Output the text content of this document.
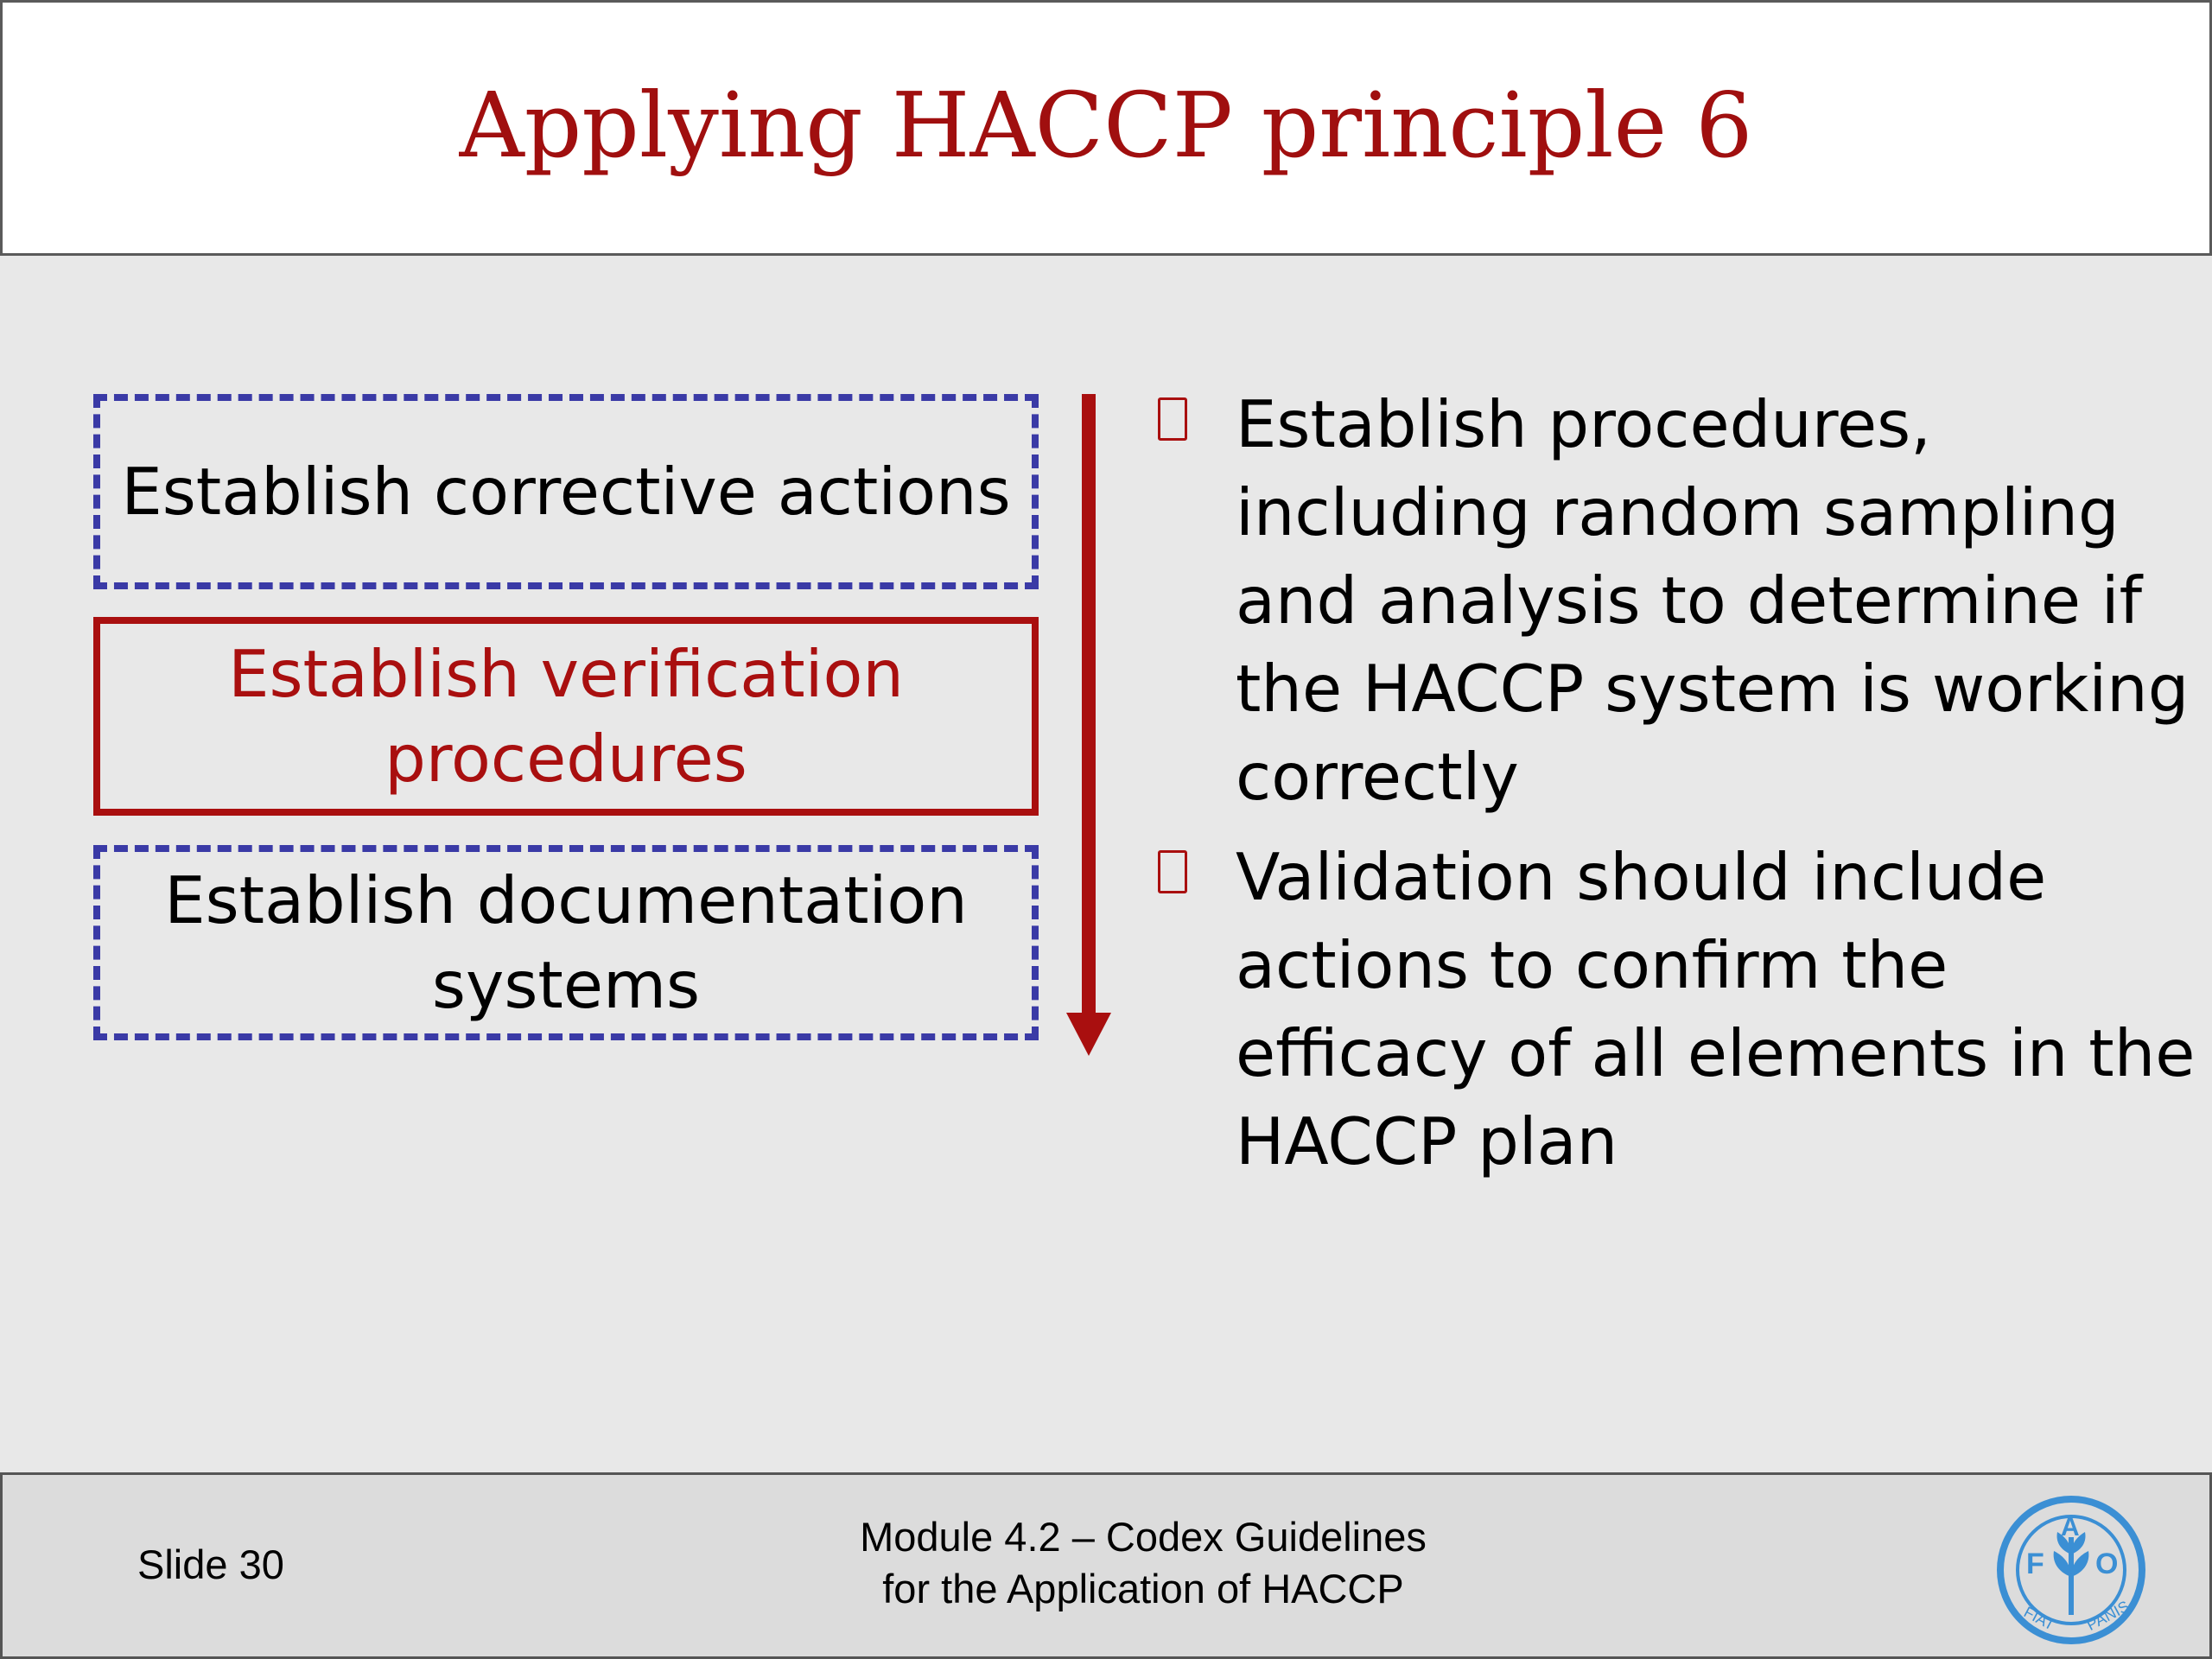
Applying HACCP principle 6
Establish corrective actions
Establish verification procedures
Establish documentation systems
Establish procedures, including random sampling and analysis to determine if the HACCP system is working correctly
Validation should include actions to confirm the efficacy of all elements in the HACCP plan
Slide 30
Module 4.2 – Codex Guidelines
for the Application of HACCP
F
A
O
FIAT PANIS
